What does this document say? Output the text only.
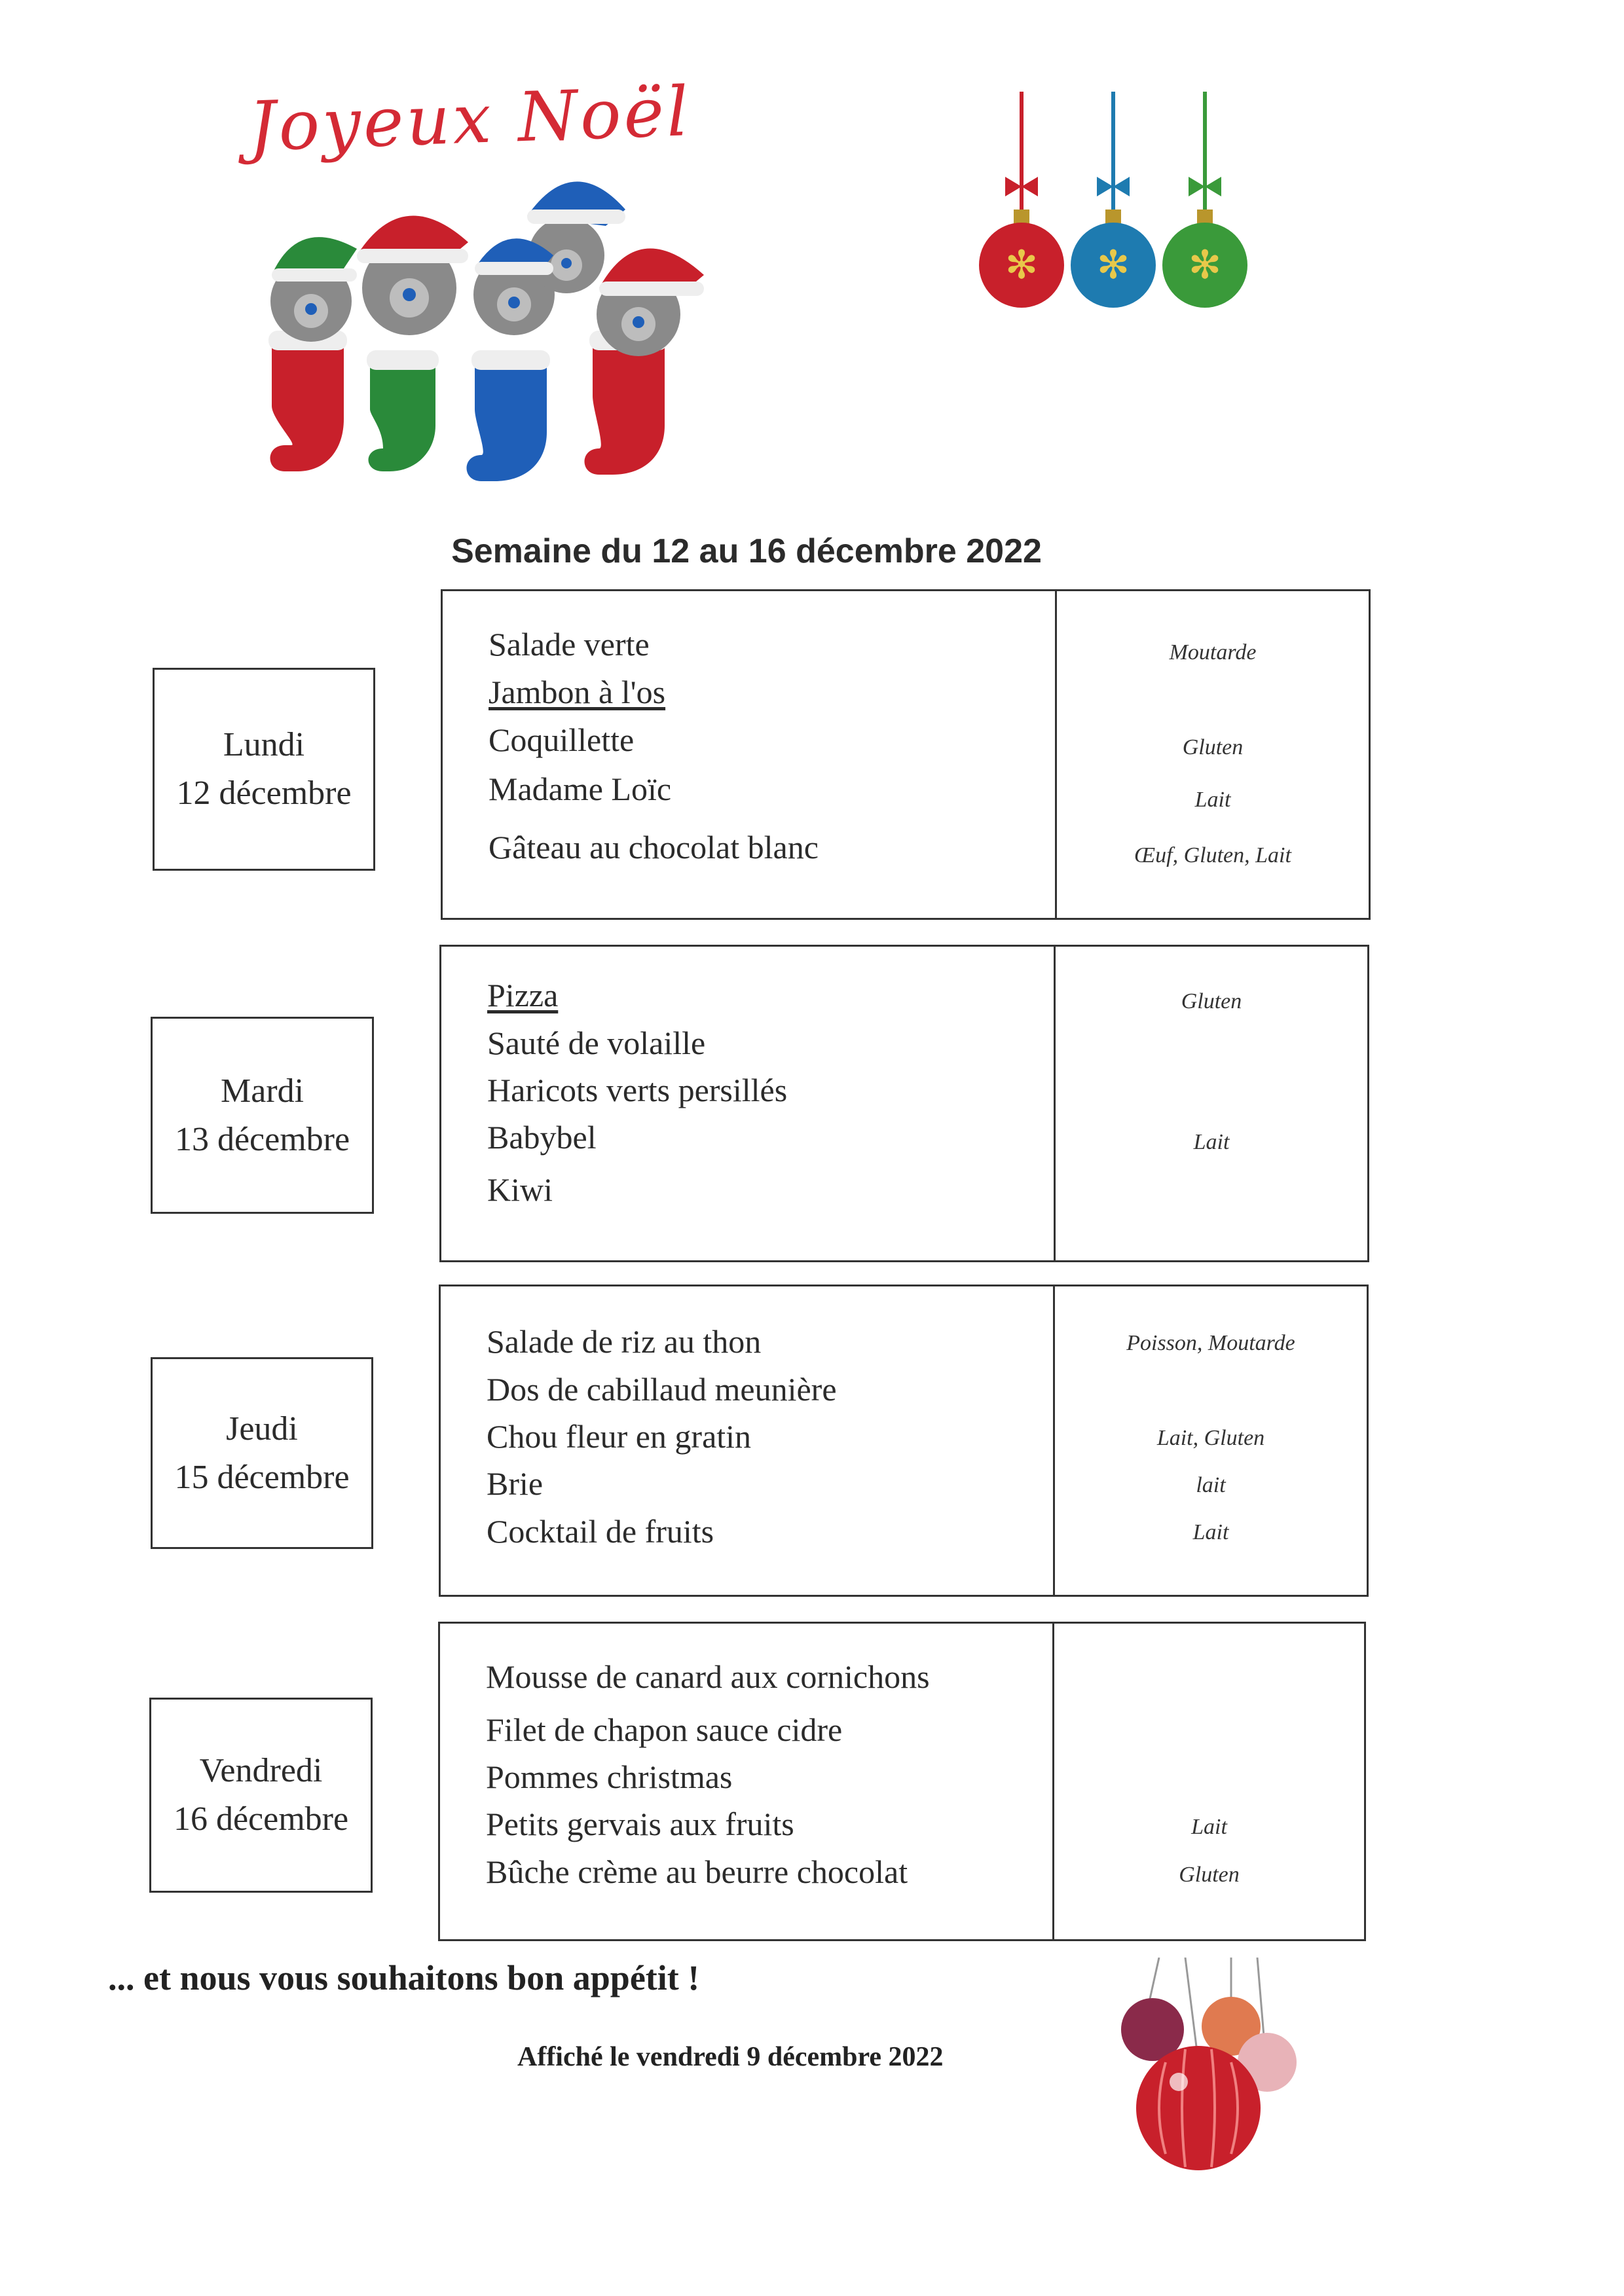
Joyeux Noël
✻ ✻ ✻
Semaine du 12 au 16 décembre 2022
Lundi
12 décembre
Salade verte
Jambon à l'os
Coquillette
Madame Loïc
Gâteau au chocolat blanc
Moutarde
Gluten
Lait
Œuf, Gluten, Lait
Mardi
13 décembre
Pizza
Sauté de volaille
Haricots verts persillés
Babybel
Kiwi
Gluten
Lait
Jeudi
15 décembre
Salade de riz au thon
Dos de cabillaud meunière
Chou fleur en gratin
Brie
Cocktail de fruits
Poisson, Moutarde
Lait, Gluten
lait
Lait
Vendredi
16 décembre
Mousse de canard aux cornichons
Filet de chapon sauce cidre
Pommes christmas
Petits gervais aux fruits
Bûche crème au beurre chocolat
Lait
Gluten
... et nous vous souhaitons bon appétit !
Affiché le vendredi 9 décembre 2022
